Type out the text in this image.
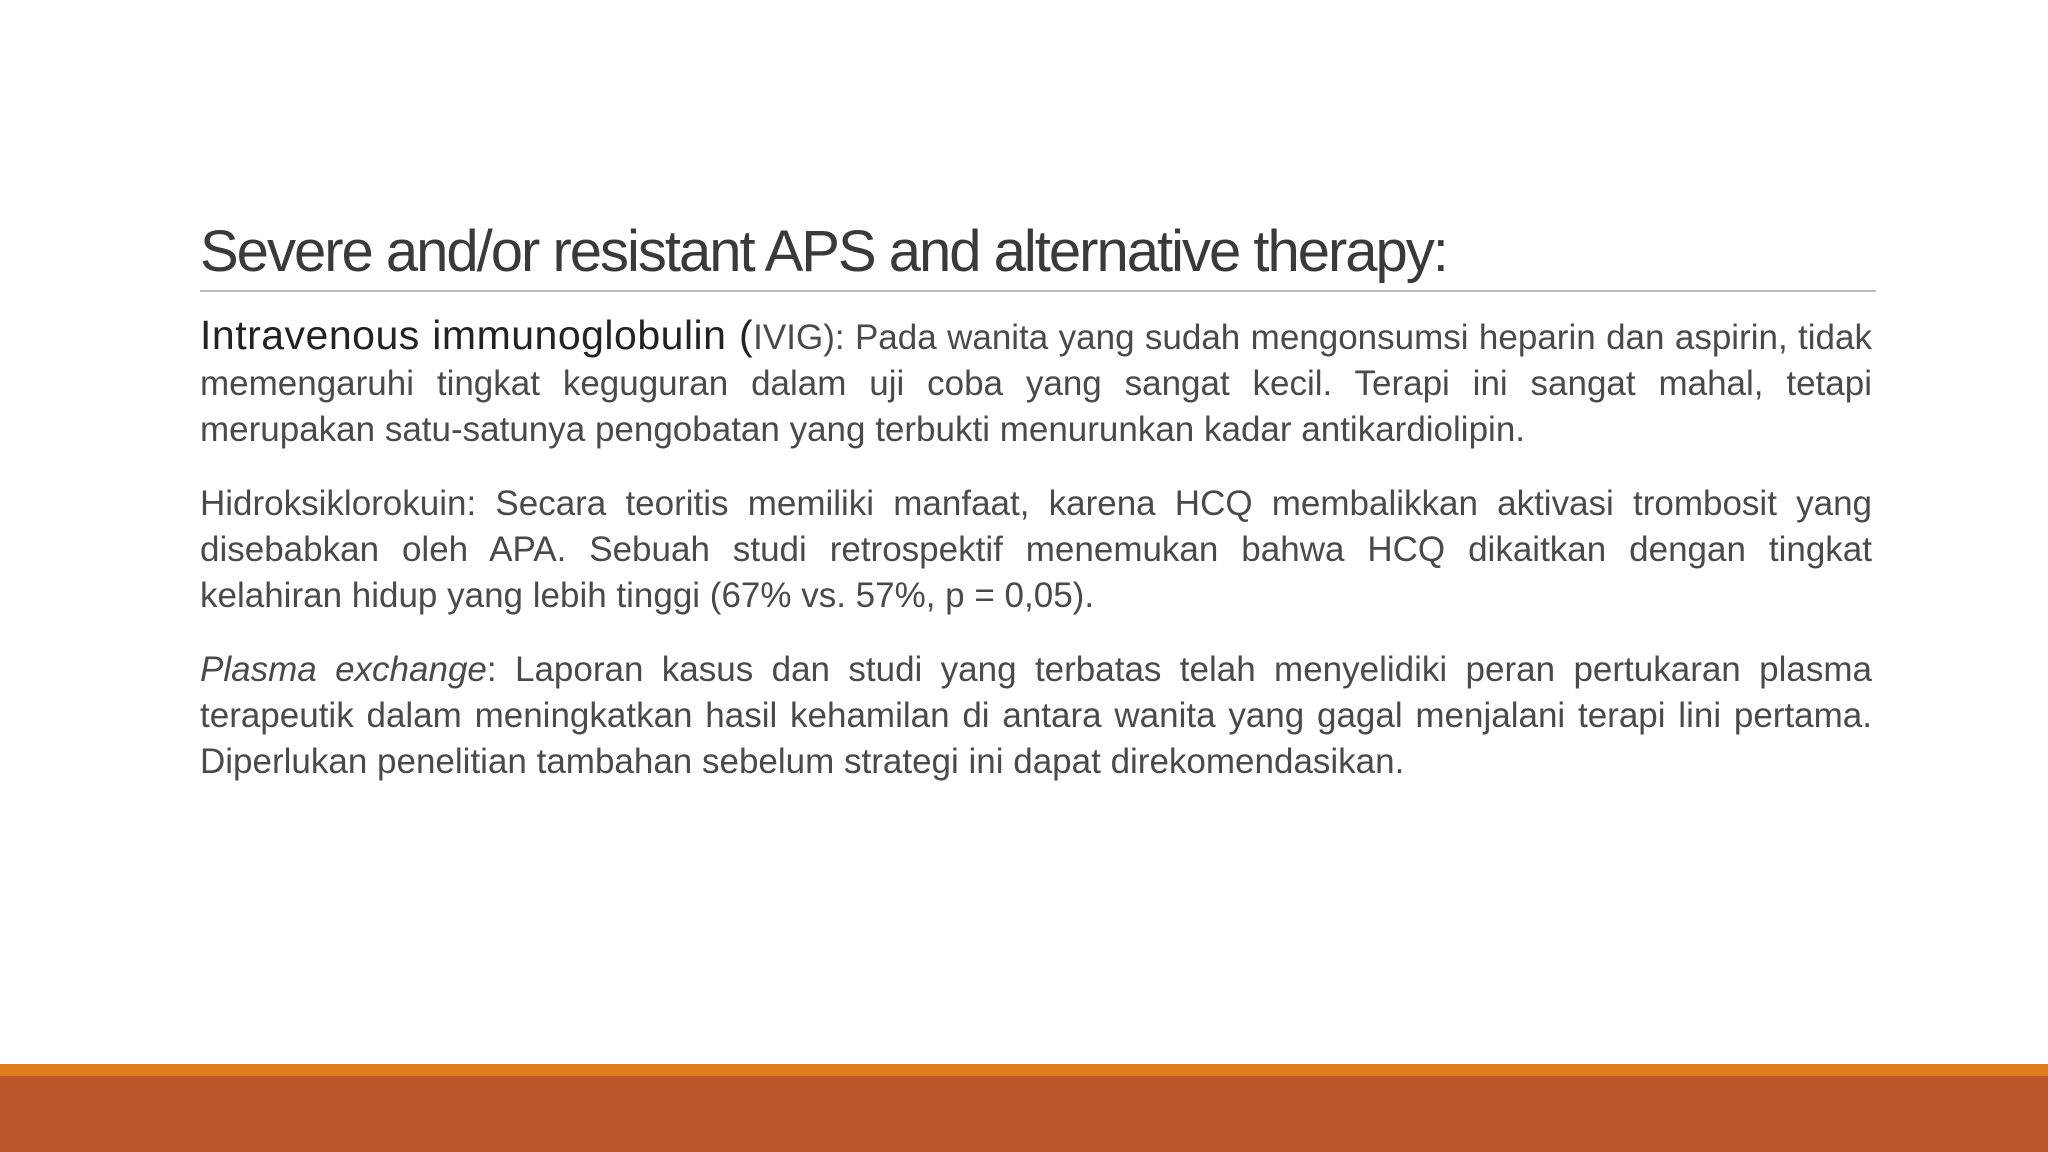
Severe and/or resistant APS and alternative therapy:

Intravenous immunoglobulin (IVIG): Pada wanita yang sudah mengonsumsi heparin dan aspirin, tidak memengaruhi tingkat keguguran dalam uji coba yang sangat kecil. Terapi ini sangat mahal, tetapi merupakan satu-satunya pengobatan yang terbukti menurunkan kadar antikardiolipin.

Hidroksiklorokuin: Secara teoritis memiliki manfaat, karena HCQ membalikkan aktivasi trombosit yang disebabkan oleh APA. Sebuah studi retrospektif menemukan bahwa HCQ dikaitkan dengan tingkat kelahiran hidup yang lebih tinggi (67% vs. 57%, p = 0,05).

Plasma exchange: Laporan kasus dan studi yang terbatas telah menyelidiki peran pertukaran plasma terapeutik dalam meningkatkan hasil kehamilan di antara wanita yang gagal menjalani terapi lini pertama. Diperlukan penelitian tambahan sebelum strategi ini dapat direkomendasikan.
